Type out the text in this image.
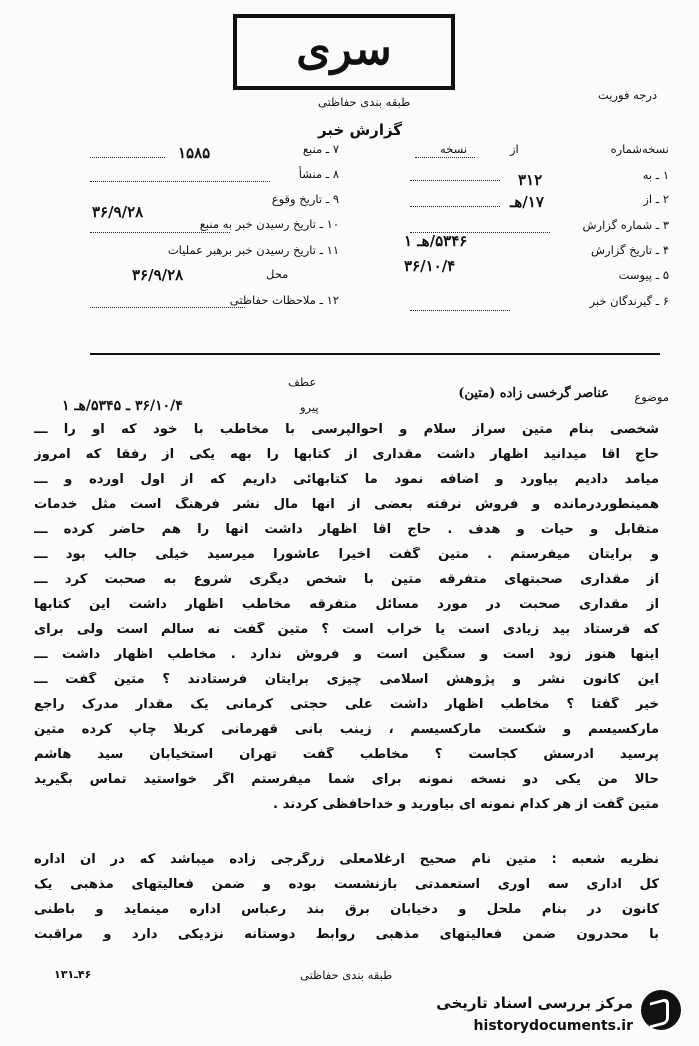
سری
طبقه بندی حفاظتی	درجه فوریت
گزارش خبر
نسخه‌شماره
از
نسخه
۱ ـ به
۳۱۲
۲ ـ از
۱۷/هـ
۳ ـ شماره گزارش
۴ ـ تاریخ گزارش
۵۳۴۶/هـ ۱
۵ ـ پیوست
۳۶/۱۰/۴
۶ ـ گیرندگان خبر
۷ ـ منبع
۱۵۸۵
۸ ـ منشأ
۹ ـ تاریخ وقوع
۳۶/۹/۲۸
۱۰ ـ تاریخ رسیدن خبر به منبع
۱۱ ـ تاریخ رسیدن خبر برهبر عملیات
محل
۳۶/۹/۲۸
۱۲ ـ ملاحظات حفاظتی
عطف
موضوع
عناصر گرخسی زاده (متین)
پیرو
۳۶/۱۰/۴ ـ ۵۳۴۵/هـ ۱
شخصی بنام متین سراز سلام و احوالپرسی با مخاطب با خود که او را ـــ
حاج آقا میدانید اظهار داشت مقداری از کتابها را بهه یکی از رفقا که امروز
میآمد دادیم بیاورد و اضافه نمود ما کتابهائی داریم که از اول آورده و ـــ
همینطوردرمانده و فروش نرفته بعضی از آنها مال نشر فرهنگ است مثل خدمات
متقابل و حیات و هدف . حاج آقا اظهار داشت آنها را هم حاضر کرده ـــ
و برایتان میفرستم . متین گفت اخیرا عاشورا میرسید خیلی جالب بود ـــ
از مقداری صحبتهای متفرقه متین با شخص دیگری شروع به صحبت کرد ـــ
از مقداری صحبت در مورد مسائل متفرقه مخاطب اظهار داشت این کتابها
که فرستاد بید زیادی است یا خراب است ؟ متین گفت نه سالم است ولی برای
اینها هنوز زود است و سنگین است و فروش ندارد . مخاطب اظهار داشت ـــ
این کانون نشر و پژوهش اسلامی چیزی برایتان فرستادند ؟ متین گفت ـــ
خیر گفتا ؟ مخاطب اظهار داشت علی حجتی کرمانی یک مقدار مدرک راجع
مارکسیسم و شکست مارکسیسم ، زینب بانی قهرمانی کربلا چاپ کرده متین
پرسید آدرسش کجاست ؟ مخاطب گفت تهران استخیابان سید هاشم
حالا من یکی دو نسخه نمونه برای شما میفرستم اگر خواستید تماس بگیرید
متین گفت از هر کدام نمونه ای بیاورید و خداحافظی کردند .
نظریه شعبه : متین نام صحیح ارغلامعلی زرگرجی زاده میباشد که در آن اداره
کل اداری سه آوری استعمدتی بازنشست بوده و ضمن فعالیتهای مذهبی یک
کانون در بنام ملحل و دخیابان برق بند رعباس اداره مینماید و باطنی
با محدرون ضمن فعالیتهای مذهبی روابط دوستانه نزدیکی دارد و مراقبت
طبقه بندی حفاظتی
۴۶ـ۱۳۱
مرکز بررسی اسناد تاریخی
historydocuments.ir
